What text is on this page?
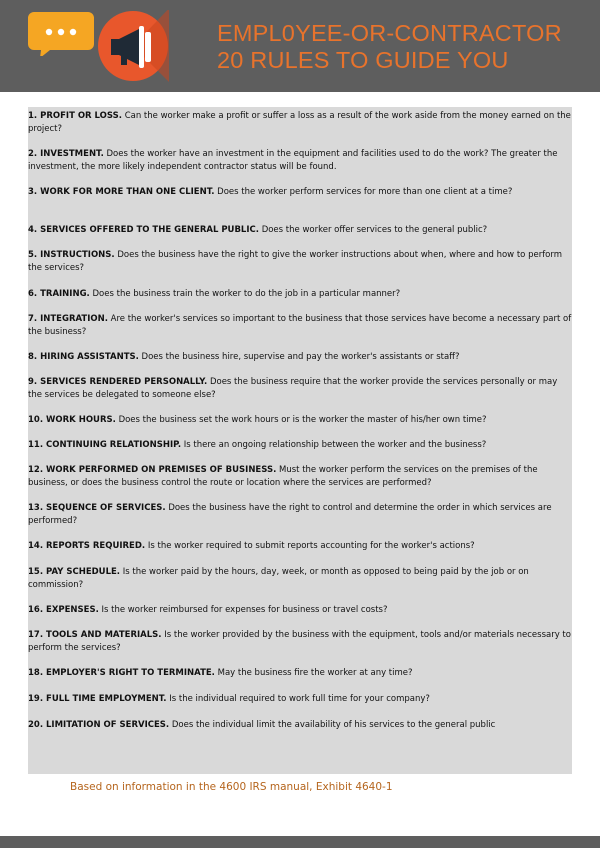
EMPL0YEE-OR-CONTRACTOR
20 RULES TO GUIDE YOU
1. PROFIT OR LOSS. Can the worker make a profit or suffer a loss as a result of the work aside from the money earned on the project?
2. INVESTMENT. Does the worker have an investment in the equipment and facilities used to do the work? The greater the investment, the more likely independent contractor status will be found.
3. WORK FOR MORE THAN ONE CLIENT. Does the worker perform services for more than one client at a time?
4. SERVICES OFFERED TO THE GENERAL PUBLIC. Does the worker offer services to the general public?
5. INSTRUCTIONS. Does the business have the right to give the worker instructions about when, where and how to perform the services?
6. TRAINING. Does the business train the worker to do the job in a particular manner?
7. INTEGRATION. Are the worker's services so important to the business that those services have become a necessary part of the business?
8. HIRING ASSISTANTS. Does the business hire, supervise and pay the worker's assistants or staff?
9. SERVICES RENDERED PERSONALLY. Does the business require that the worker provide the services personally or may the services be delegated to someone else?
10. WORK HOURS. Does the business set the work hours or is the worker the master of his/her own time?
11. CONTINUING RELATIONSHIP. Is there an ongoing relationship between the worker and the business?
12. WORK PERFORMED ON PREMISES OF BUSINESS. Must the worker perform the services on the premises of the business, or does the business control the route or location where the services are performed?
13. SEQUENCE OF SERVICES. Does the business have the right to control and determine the order in which services are performed?
14. REPORTS REQUIRED. Is the worker required to submit reports accounting for the worker's actions?
15. PAY SCHEDULE. Is the worker paid by the hours, day, week, or month as opposed to being paid by the job or on commission?
16. EXPENSES. Is the worker reimbursed for expenses for business or travel costs?
17. TOOLS AND MATERIALS. Is the worker provided by the business with the equipment, tools and/or materials necessary to perform the services?
18. EMPLOYER'S RIGHT TO TERMINATE. May the business fire the worker at any time?
19. FULL TIME EMPLOYMENT. Is the individual required to work full time for your company?
20. LIMITATION OF SERVICES. Does the individual limit the availability of his services to the general public
Based on information in the 4600 IRS manual, Exhibit 4640-1
